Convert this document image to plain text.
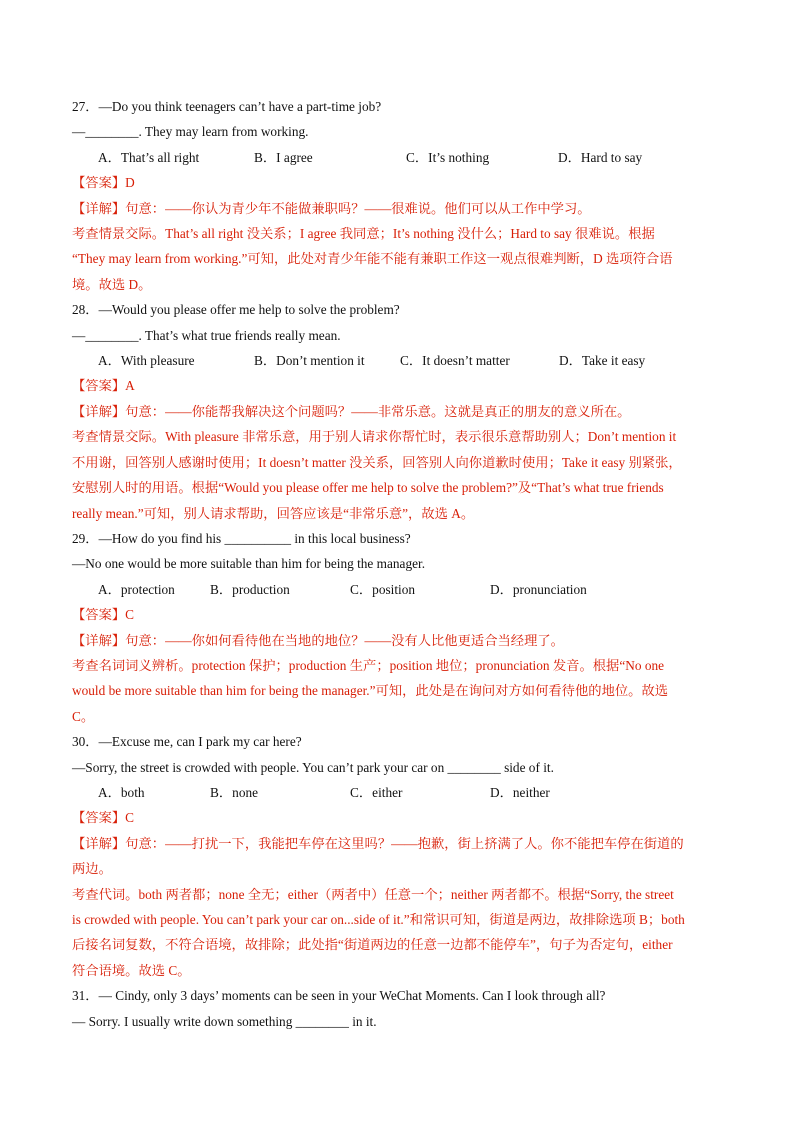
27．—Do you think teenagers can’t have a part-time job?
—________. They may learn from working.
A．That’s all right	B．I agree	C．It’s nothing	D．Hard to say
【答案】D
【详解】句意：——你认为青少年不能做兼职吗？——很难说。他们可以从工作中学习。
考查情景交际。That’s all right 没关系；I agree 我同意；It’s nothing 没什么；Hard to say 很难说。根据
“They may learn from working.”可知，此处对青少年能不能有兼职工作这一观点很难判断，D 选项符合语
境。故选 D。
28．—Would you please offer me help to solve the problem?
—________. That’s what true friends really mean.
A．With pleasure	B．Don’t mention it	C．It doesn’t matter	D．Take it easy
【答案】A
【详解】句意：——你能帮我解决这个问题吗？——非常乐意。这就是真正的朋友的意义所在。
考查情景交际。With pleasure 非常乐意，用于别人请求你帮忙时，表示很乐意帮助别人；Don’t mention it
不用谢，回答别人感谢时使用；It doesn’t matter 没关系，回答别人向你道歉时使用；Take it easy 别紧张，
安慰别人时的用语。根据“Would you please offer me help to solve the problem?”及“That’s what true friends
really mean.”可知，别人请求帮助，回答应该是“非常乐意”，故选 A。
29．—How do you find his __________ in this local business?
—No one would be more suitable than him for being the manager.
A．protection	B．production	C．position	D．pronunciation
【答案】C
【详解】句意：——你如何看待他在当地的地位？——没有人比他更适合当经理了。
考查名词词义辨析。protection 保护；production 生产；position 地位；pronunciation 发音。根据“No one
would be more suitable than him for being the manager.”可知，此处是在询问对方如何看待他的地位。故选
C。
30．—Excuse me, can I park my car here?
—Sorry, the street is crowded with people. You can’t park your car on ________ side of it.
A．both	B．none	C．either	D．neither
【答案】C
【详解】句意：——打扰一下，我能把车停在这里吗？——抱歉，街上挤满了人。你不能把车停在街道的
两边。
考查代词。both 两者都；none 全无；either（两者中）任意一个；neither 两者都不。根据“Sorry, the street
is crowded with people. You can’t park your car on...side of it.”和常识可知，街道是两边，故排除选项 B；both
后接名词复数，不符合语境，故排除；此处指“街道两边的任意一边都不能停车”，句子为否定句，either
符合语境。故选 C。
31．— Cindy, only 3 days’ moments can be seen in your WeChat Moments. Can I look through all?
— Sorry. I usually write down something ________ in it.
